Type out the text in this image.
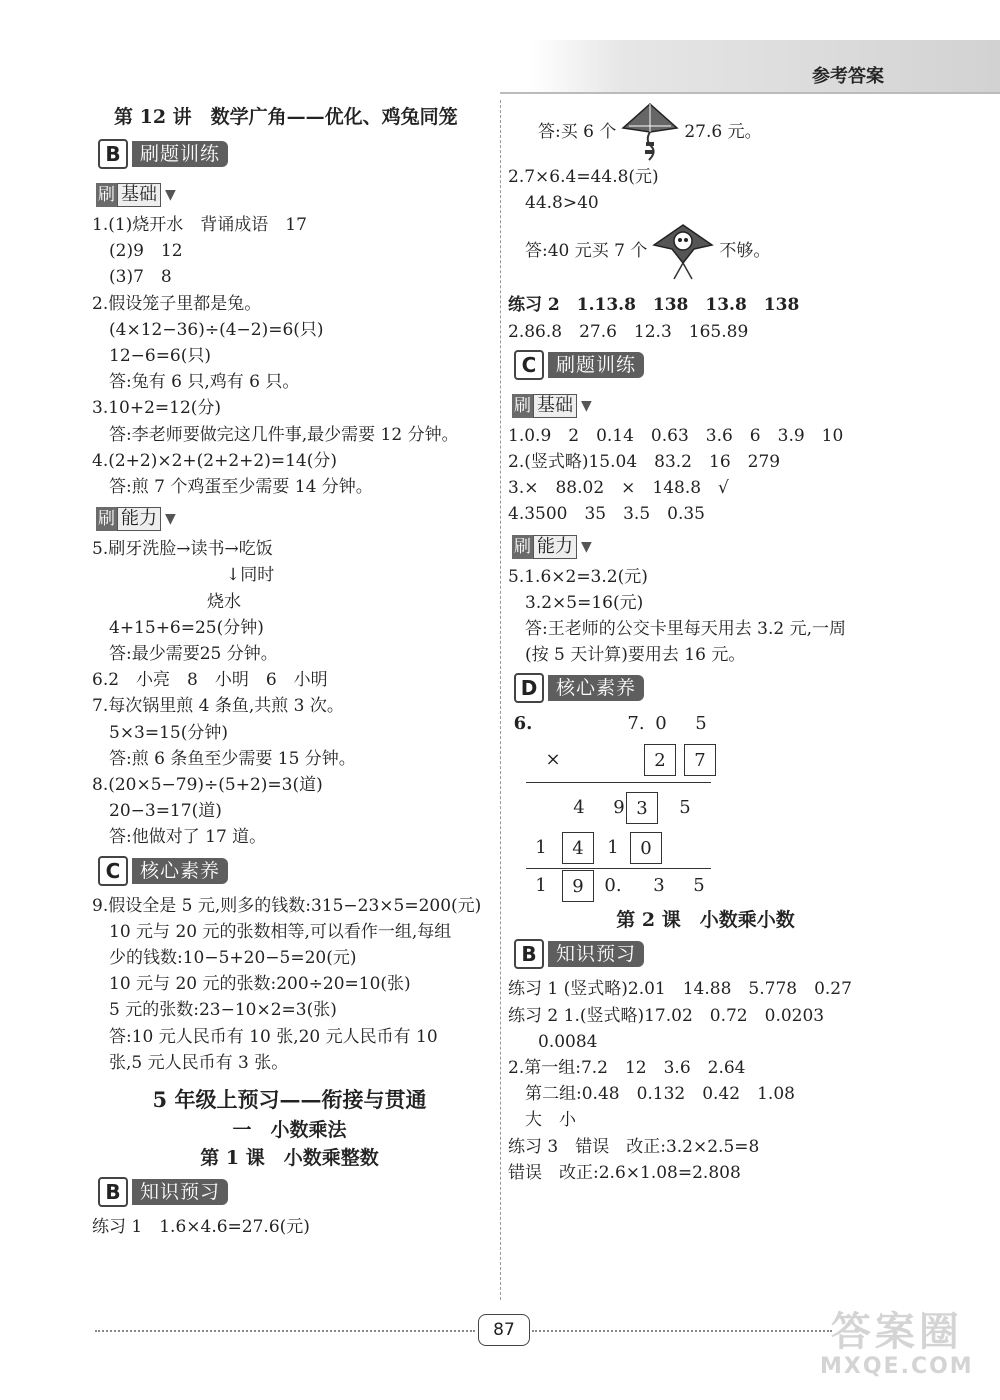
参考答案
第 12 讲　数学广角——优化、鸡兔同笼
B	刷题训练
刷 基础 ▼
1.(1)烧开水　背诵成语　17
(2)9　12
(3)7　8
2.假设笼子里都是兔。
(4×12−36)÷(4−2)=6(只)
12−6=6(只)
答:兔有 6 只,鸡有 6 只。
3.10+2=12(分)
答:李老师要做完这几件事,最少需要 12 分钟。
4.(2+2)×2+(2+2+2)=14(分)
答:煎 7 个鸡蛋至少需要 14 分钟。
刷 能力 ▼
5.刷牙洗脸→读书→吃饭
↓同时
烧水
4+15+6=25(分钟)
答:最少需要25 分钟。
6.2　小亮　8　小明　6　小明
7.每次锅里煎 4 条鱼,共煎 3 次。
5×3=15(分钟)
答:煎 6 条鱼至少需要 15 分钟。
8.(20×5−79)÷(5+2)=3(道)
20−3=17(道)
答:他做对了 17 道。
C	核心素养
9.假设全是 5 元,则多的钱数:315−23×5=200(元)
10 元与 20 元的张数相等,可以看作一组,每组
少的钱数:10−5+20−5=20(元)
10 元与 20 元的张数:200÷20=10(张)
5 元的张数:23−10×2=3(张)
答:10 元人民币有 10 张,20 元人民币有 10
张,5 元人民币有 3 张。
5 年级上预习——衔接与贯通
一　小数乘法
第 1 课　小数乘整数
B	知识预习
练习 1　1.6×4.6=27.6(元)
答:买 6 个	27.6 元。
2.7×6.4=44.8(元)
44.8>40
答:40 元买 7 个	不够。
练习 2　1.13.8　138　13.8　138
2.86.8　27.6　12.3　165.89
C	刷题训练
刷 基础 ▼
1.0.9　2　0.14　0.63　3.6　6　3.9　10
2.(竖式略)15.04　83.2　16　279
3.×　88.02　×　148.8　√
4.3500　35　3.5　0.35
刷 能力 ▼
5.1.6×2=3.2(元)
3.2×5=16(元)
答:王老师的公交卡里每天用去 3.2 元,一周
(按 5 天计算)要用去 16 元。
D 核心素养
6.	7. 0	5
×	2	7
4	9 3	5
1	4	1	0
1	9	0.	3	5
第 2 课　小数乘小数
B	知识预习
练习 1 (竖式略)2.01　14.88　5.778　0.27
练习 2 1.(竖式略)17.02　0.72　0.0203
0.0084
2.第一组:7.2　12　3.6　2.64
第二组:0.48　0.132　0.42　1.08
大　小
练习 3　错误　改正:3.2×2.5=8
错误　改正:2.6×1.08=2.808
87	答案圈
MXQE.COM
